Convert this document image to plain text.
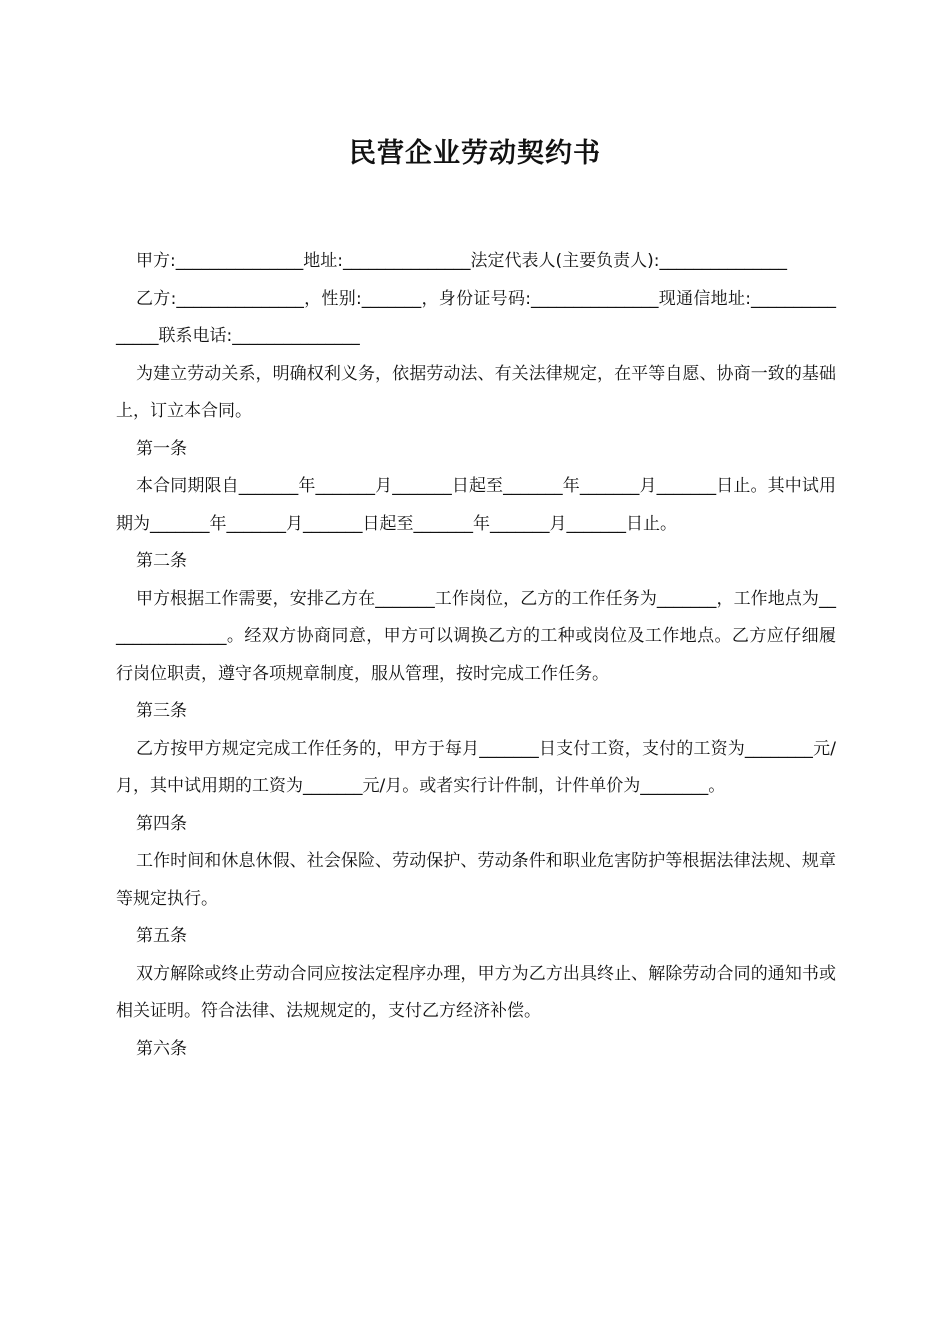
民营企业劳动契约书

甲方:_______________地址:_______________法定代表人(主要负责人):_______________

乙方:_______________，性别:_______，身份证号码:_______________现通信地址:_______________联系电话:_______________

为建立劳动关系，明确权利义务，依据劳动法、有关法律规定，在平等自愿、协商一致的基础上，订立本合同。

第一条

本合同期限自_______年_______月_______日起至_______年_______月_______日止。其中试用期为_______年_______月_______日起至_______年_______月_______日止。

第二条

甲方根据工作需要，安排乙方在_______工作岗位，乙方的工作任务为_______，工作地点为_______________。经双方协商同意，甲方可以调换乙方的工种或岗位及工作地点。乙方应仔细履行岗位职责，遵守各项规章制度，服从管理，按时完成工作任务。

第三条

乙方按甲方规定完成工作任务的，甲方于每月_______日支付工资，支付的工资为________元/月，其中试用期的工资为_______元/月。或者实行计件制，计件单价为________。

第四条

工作时间和休息休假、社会保险、劳动保护、劳动条件和职业危害防护等根据法律法规、规章等规定执行。

第五条

双方解除或终止劳动合同应按法定程序办理，甲方为乙方出具终止、解除劳动合同的通知书或相关证明。符合法律、法规规定的，支付乙方经济补偿。

第六条
